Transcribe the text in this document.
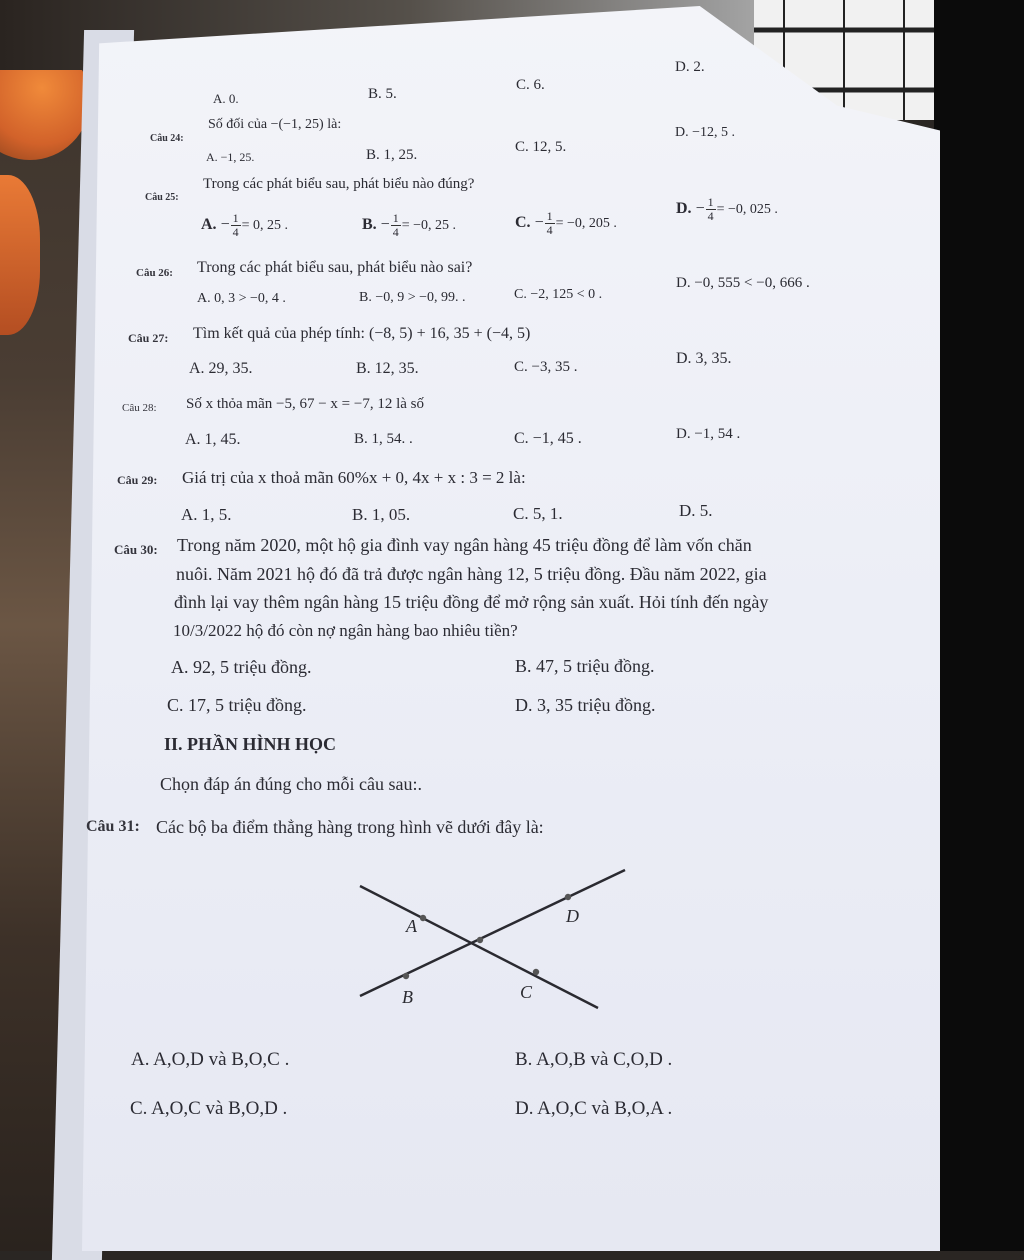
A. 0.	B. 5.
C. 6.
D. 2.
Câu 24:
Số đối của −(−1, 25) là:
A. −1, 25.	B. 1, 25.	C. 12, 5.
D. −12, 5 .
Câu 25:
Trong các phát biểu sau, phát biểu nào đúng?
A. − $\frac{1}{4} = 0$, 25 .	B. − $\frac{1}{4} = -0$, 25 .	C. − $\frac{1}{4} = -0$, 205 .
D. − $\frac{1}{4} = -0$, 025 .
Câu 26: Trong các phát biểu sau, phát biểu nào sai?
A. 0, 3 > −0, 4 .	B. −0, 9 > −0, 99. .	C. −2, 125 < 0 .
D. −0, 555 < −0, 666 .
Câu 27: Tìm kết quả của phép tính: (−8, 5) + 16, 35 + (−4, 5)
A. 29, 35.	B. 12, 35.	C. −3, 35 .	D. 3, 35.
Câu 28: Số x thỏa mãn −5, 67 − x = −7, 12 là số
A. 1, 45.	B. 1, 54. .	C. −1, 45 .	D. −1, 54 .
Câu 29: Giá trị của x thoả mãn 60%x + 0, 4x + x : 3 = 2 là:
A. 1, 5.	B. 1, 05.	C. 5, 1.	D. 5.
Câu 30: Trong năm 2020, một hộ gia đình vay ngân hàng 45 triệu đồng để làm vốn chăn
nuôi. Năm 2021 hộ đó đã trả được ngân hàng 12, 5 triệu đồng. Đầu năm 2022, gia
đình lại vay thêm ngân hàng 15 triệu đồng để mở rộng sản xuất. Hỏi tính đến ngày
10/3/2022 hộ đó còn nợ ngân hàng bao nhiêu tiền?
A. 92, 5 triệu đồng.	B. 47, 5 triệu đồng.
C. 17, 5 triệu đồng.	D. 3, 35 triệu đồng.
II. PHẦN HÌNH HỌC
Chọn đáp án đúng cho mỗi câu sau:.
Câu 31: Các bộ ba điểm thẳng hàng trong hình vẽ dưới đây là:
A	D
B	C
A. A,O,D và B,O,C .	B. A,O,B và C,O,D .
C. A,O,C và B,O,D .	D. A,O,C và B,O,A .
